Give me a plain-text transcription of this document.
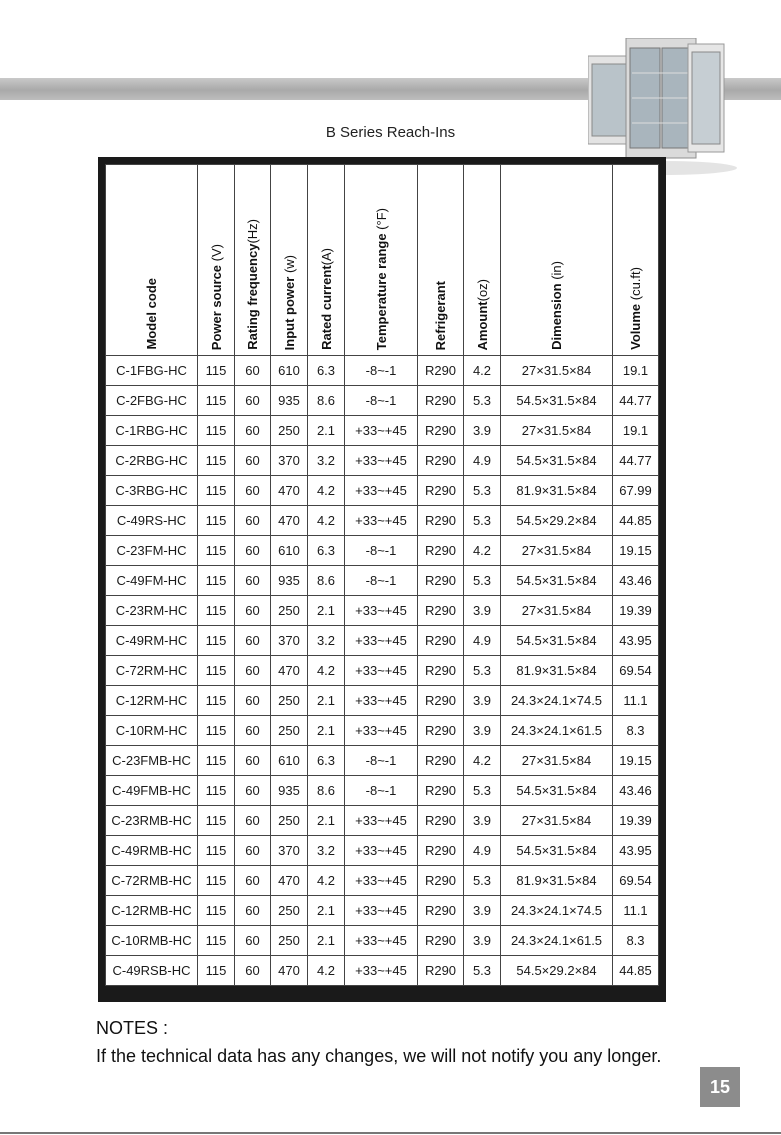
B Series Reach-Ins
Model code	Power source (V)	Rating frequency(Hz)	Input power (w)	Rated current(A)	Temperature range (°F)	Refrigerant	Amount(oz)	Dimension (in)	Volume (cu.ft)
C-1FBG-HC	115	60	610	6.3	-8~-1	R290	4.2	27×31.5×84	19.1
C-2FBG-HC	115	60	935	8.6	-8~-1	R290	5.3	54.5×31.5×84	44.77
C-1RBG-HC	115	60	250	2.1	+33~+45	R290	3.9	27×31.5×84	19.1
C-2RBG-HC	115	60	370	3.2	+33~+45	R290	4.9	54.5×31.5×84	44.77
C-3RBG-HC	115	60	470	4.2	+33~+45	R290	5.3	81.9×31.5×84	67.99
C-49RS-HC	115	60	470	4.2	+33~+45	R290	5.3	54.5×29.2×84	44.85
C-23FM-HC	115	60	610	6.3	-8~-1	R290	4.2	27×31.5×84	19.15
C-49FM-HC	115	60	935	8.6	-8~-1	R290	5.3	54.5×31.5×84	43.46
C-23RM-HC	115	60	250	2.1	+33~+45	R290	3.9	27×31.5×84	19.39
C-49RM-HC	115	60	370	3.2	+33~+45	R290	4.9	54.5×31.5×84	43.95
C-72RM-HC	115	60	470	4.2	+33~+45	R290	5.3	81.9×31.5×84	69.54
C-12RM-HC	115	60	250	2.1	+33~+45	R290	3.9	24.3×24.1×74.5	11.1
C-10RM-HC	115	60	250	2.1	+33~+45	R290	3.9	24.3×24.1×61.5	8.3
C-23FMB-HC	115	60	610	6.3	-8~-1	R290	4.2	27×31.5×84	19.15
C-49FMB-HC	115	60	935	8.6	-8~-1	R290	5.3	54.5×31.5×84	43.46
C-23RMB-HC	115	60	250	2.1	+33~+45	R290	3.9	27×31.5×84	19.39
C-49RMB-HC	115	60	370	3.2	+33~+45	R290	4.9	54.5×31.5×84	43.95
C-72RMB-HC	115	60	470	4.2	+33~+45	R290	5.3	81.9×31.5×84	69.54
C-12RMB-HC	115	60	250	2.1	+33~+45	R290	3.9	24.3×24.1×74.5	11.1
C-10RMB-HC	115	60	250	2.1	+33~+45	R290	3.9	24.3×24.1×61.5	8.3
C-49RSB-HC	115	60	470	4.2	+33~+45	R290	5.3	54.5×29.2×84	44.85
NOTES :
If the technical data has any changes, we will not notify you any longer.
15
